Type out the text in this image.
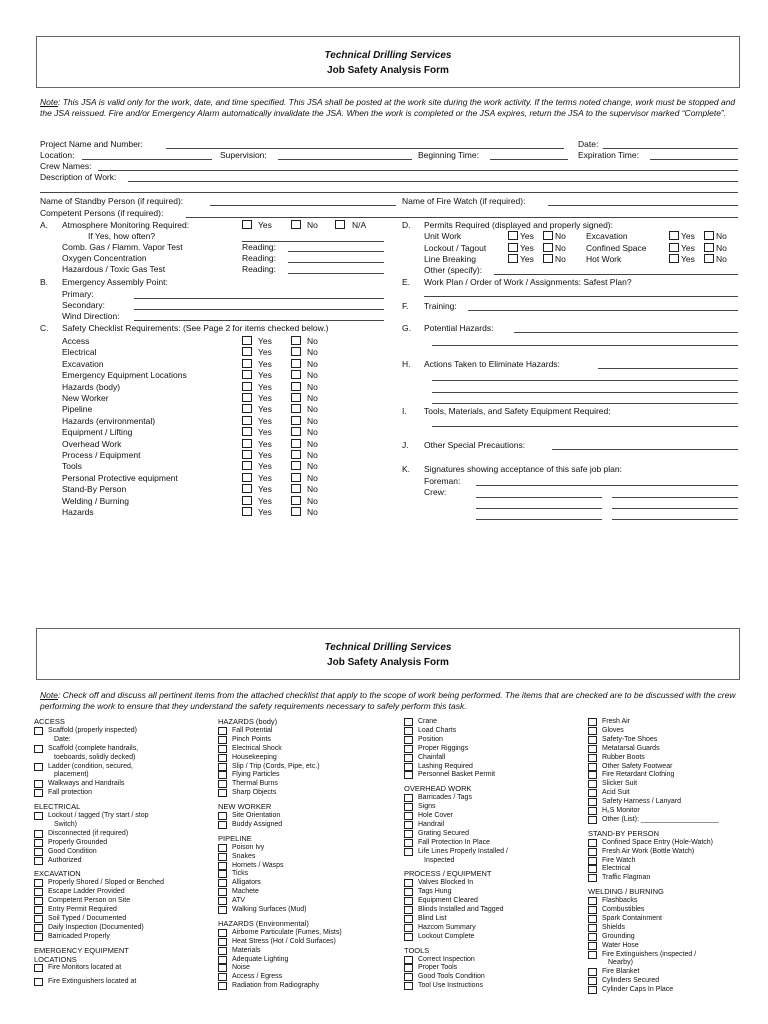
Technical Drilling Services
Job Safety Analysis Form
Note: This JSA is valid only for the work, date, and time specified. This JSA shall be posted at the work site during the work activity. If the terms noted change, work must be stopped and the JSA reissued. Fire and/or Emergency Alarm automatically invalidate the JSA. When the work is completed or the JSA expires, return the JSA to the supervisor marked “Complete”.
Project Name and Number:	Date:
Location:	Supervision:	Beginning Time:	Expiration Time:
Crew Names:
Description of Work:
Name of Standby Person (if required):	Name of Fire Watch (if required):
Competent Persons (if required):
A. Atmosphere Monitoring Required:	Yes	No	N/A
If Yes, how often?
Comb. Gas / Flamm. Vapor Test	Reading:
Oxygen Concentration	Reading:
Hazardous / Toxic Gas Test	Reading:
B. Emergency Assembly Point:
Primary:
Secondary:
Wind Direction:
C. Safety Checklist Requirements: (See Page 2 for items checked below.)
Access	Yes	No
Electrical	Yes	No
Excavation	Yes	No
Emergency Equipment Locations	Yes	No
Hazards (body)	Yes	No
New Worker	Yes	No
Pipeline	Yes	No
Hazards (environmental)	Yes	No
Equipment / Lifting	Yes	No
Overhead Work	Yes	No
Process / Equipment	Yes	No
Tools	Yes	No
Personal Protective equipment	Yes	No
Stand-By Person	Yes	No
Welding / Burning	Yes	No
Hazards	Yes	No
D. Permits Required (displayed and properly signed):
Unit Work	Yes No
Lockout / Tagout	Yes No
Line Breaking	Yes No
Excavation	Yes No
Confined Space	Yes No
Hot Work	Yes No
Other (specify):
E. Work Plan / Order of Work / Assignments: Safest Plan?
F. Training:
G. Potential Hazards:
H. Actions Taken to Eliminate Hazards:
I. Tools, Materials, and Safety Equipment Required:
J. Other Special Precautions:
K. Signatures showing acceptance of this safe job plan:
Foreman:
Crew:
Technical Drilling Services
Job Safety Analysis Form
Note: Check off and discuss all pertinent items from the attached checklist that apply to the scope of work being performed. The items that are checked are to be discussed with the crew performing the work to ensure that they understand the safety requirements necessary to safely perform this task.
ACCESS
Scaffold (properly inspected)
Date:
Scaffold (complete handrails,
toeboards, solidly decked)
Ladder (condition, secured,
placement)
Walkways and Handrails
Fall protection
ELECTRICAL
Lockout / tagged (Try start / stop
Switch)
Disconnected (if required)
Properly Grounded
Good Condition
Authorized
EXCAVATION
Properly Shored / Sloped or Benched
Escape Ladder Provided
Competent Person on Site
Entry Permit Required
Soil Typed / Documented
Daily Inspection (Documented)
Barricaded Properly
EMERGENCY EQUIPMENT
LOCATIONS
Fire Monitors located at
Fire Extinguishers located at
HAZARDS (body)
Fall Potential
Pinch Points
Electrical Shock
Housekeeping
Slip / Trip (Cords, Pipe, etc.)
Flying Particles
Thermal Burns
Sharp Objects
NEW WORKER
Site Orientation
Buddy Assigned
PIPELINE
Poison Ivy
Snakes
Hornets / Wasps
Ticks
Alligators
Machete
ATV
Walking Surfaces (Mud)
HAZARDS (Environmental)
Airborne Particulate (Fumes, Mists)
Heat Stress (Hot / Cold Surfaces)
Materials
Adequate Lighting
Noise
Access / Egress
Radiation from Radiography
Crane
Load Charts
Position
Proper Riggings
Chainfall
Lashing Required
Personnel Basket Permit
OVERHEAD WORK
Barricades / Tags
Signs
Hole Cover
Handrail
Grating Secured
Fall Protection In Place
Life Lines Properly Installed /
Inspected
PROCESS / EQUIPMENT
Valves Blocked In
Tags Hung
Equipment Cleared
Blinds Installed and Tagged
Blind List
Hazcom Summary
Lockout Complete
TOOLS
Correct Inspection
Proper Tools
Good Tools Condition
Tool Use Instructions
Fresh Air
Gloves
Safety-Toe Shoes
Metatarsal Guards
Rubber Boots
Other Safety Footwear
Fire Retardant Clothing
Slicker Suit
Acid Suit
Safety Harness / Lanyard
H₂S Monitor
Other (List): ____________________
STAND-BY PERSON
Confined Space Entry (Hole-Watch)
Fresh Air Work (Bottle Watch)
Fire Watch
Electrical
Traffic Flagman
WELDING / BURNING
Flashbacks
Combustibles
Spark Containment
Shields
Grounding
Water Hose
Fire Extinguishers (inspected /
Nearby)
Fire Blanket
Cylinders Secured
Cylinder Caps In Place
